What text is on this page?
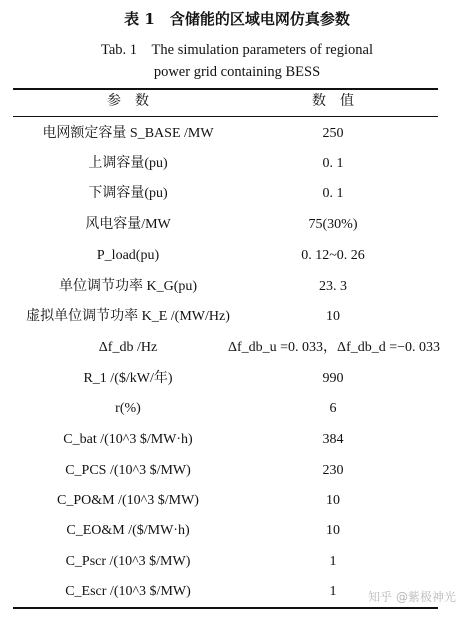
表 1　含储能的区域电网仿真参数
Tab. 1　The simulation parameters of regional
power grid containing BESS
参　数	数　值
电网额定容量 S_BASE /MW	250
上调容量(pu)	0. 1
下调容量(pu)	0. 1
风电容量/MW	75(30%)
P_load(pu)	0. 12~0. 26
单位调节功率 K_G(pu)	23. 3
虚拟单位调节功率 K_E /(MW/Hz)	10
Δf_db /Hz	Δf_db_u =0. 033，Δf_db_d =−0. 033
R_1 /($/kW/年)	990
r(%)	6
C_bat /(10^3 $/MW·h)	384
C_PCS /(10^3 $/MW)	230
C_PO&M /(10^3 $/MW)	10
C_EO&M /($/MW·h)	10
C_Pscr /(10^3 $/MW)	1
C_Escr /(10^3 $/MW)	1	知乎 @紫极神光
